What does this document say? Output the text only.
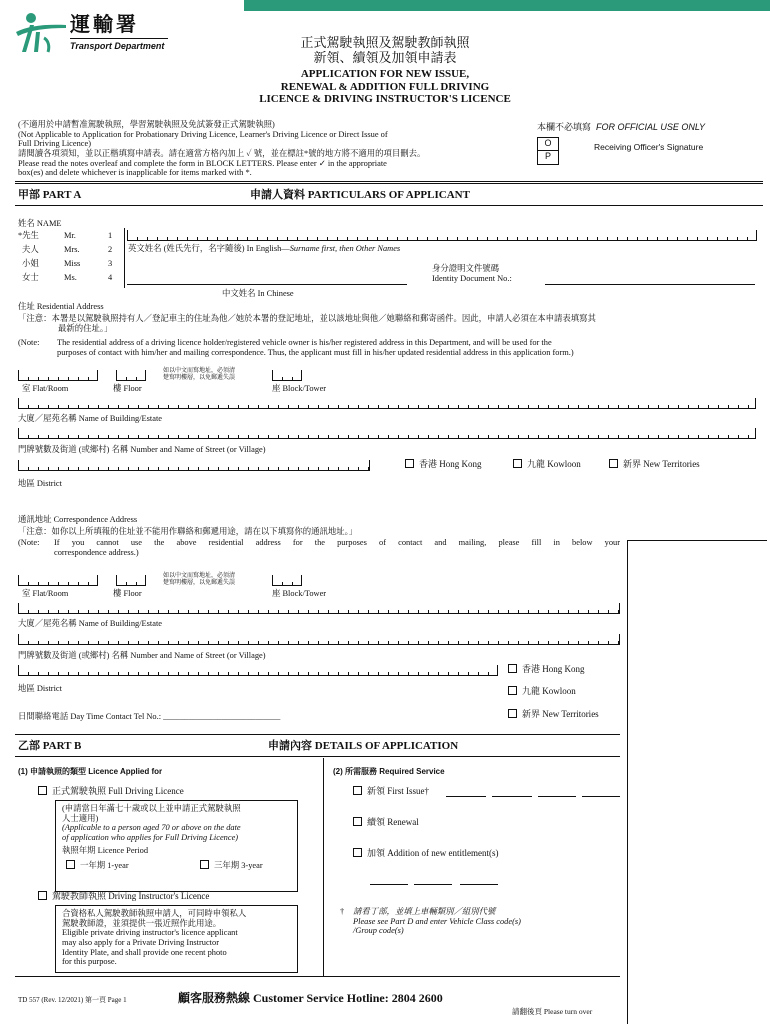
運輸署
Transport Department	正式駕駛執照及駕駛教師執照
新領、續領及加領申請表
APPLICATION FOR NEW ISSUE,
RENEWAL & ADDITION FULL DRIVING
LICENCE & DRIVING INSTRUCTOR'S LICENCE
(不適用於申請暫准駕駛執照，學習駕駛執照及免試簽發正式駕駛執照)
(Not Applicable to Application for Probationary Driving Licence, Learner's Driving Licence or Direct Issue of
Full Driving Licence)
請閱讀各項須知，並以正楷填寫申請表。請在適當方格內加上 ✓ 號，並在標註*號的地方將不適用的項目刪去。
Please read the notes overleaf and complete the form in BLOCK LETTERS. Please enter ✓ in the appropriate
box(es) and delete whichever is inapplicable for items marked with *.
本欄不必填寫 FOR OFFICIAL USE ONLY
O
P
Receiving Officer's Signature
甲部 PART A	申請人資料 PARTICULARS OF APPLICANT
姓名 NAME
*先生	Mr.	1
夫人	Mrs.	2
小姐	Miss	3
女士	Ms.	4
英文姓名 (姓氏先行，名字隨後) In English—Surname first, then Other Names
身分證明文件號碼
Identity Document No.:
中文姓名 In Chinese
住址 Residential Address
「注意：本署是以駕駛執照持有人／登記車主的住址為他／她於本署的登記地址，並以該地址與他／她聯絡和郵寄函件。因此，申請人必須在本申請表填寫其
最新的住址。」
(Note:	The residential address of a driving licence holder/registered vehicle owner is his/her registered address in this Department, and will be used for the
purposes of contact with him/her and mailing correspondence. Thus, the applicant must fill in his/her updated residential address in this application form.)
如以中文而寫地址，必須清
楚寫明樓層，以免郵遞失誤
室 Flat/Room	樓 Floor	座 Block/Tower
大廈／屋苑名稱 Name of Building/Estate
門牌號數及街道 (或鄉村) 名稱 Number and Name of Street (or Village)
香港 Hong Kong	九龍 Kowloon	新界 New Territories
地區 District
通訊地址 Correspondence Address
「注意：如你以上所填報的住址並不能用作聯絡和郵遞用途，請在以下填寫你的通訊地址。」
(Note:	If you cannot use the above residential address for the purposes of contact and mailing, please fill in below your
correspondence address.)
如以中文而寫地址，必須清
楚寫明樓層，以免郵遞失誤
室 Flat/Room	樓 Floor	座 Block/Tower
大廈／屋苑名稱 Name of Building/Estate
門牌號數及街道 (或鄉村) 名稱 Number and Name of Street (or Village)
香港 Hong Kong
地區 District	九龍 Kowloon
日間聯絡電話 Day Time Contact Tel No.: ____________________________	新界 New Territories
乙部 PART B	申請內容 DETAILS OF APPLICATION
(1) 申請執照的類型 Licence Applied for
正式駕駛執照 Full Driving Licence
(申請當日年滿七十歲或以上並申請正式駕駛執照
人士適用)
(Applicable to a person aged 70 or above on the date
of application who applies for Full Driving Licence)
執照年期 Licence Period
一年期 1-year	三年期 3-year
駕駛教師執照 Driving Instructor's Licence
合資格私人駕駛教師執照申請人，可同時申領私人
駕駛教師證，並須提供一張近照作此用途。
Eligible private driving instructor's licence applicant
may also apply for a Private Driving Instructor
Identity Plate, and shall provide one recent photo
for this purpose.
(2) 所需服務 Required Service
新領 First Issue†
續領 Renewal
加領 Addition of new entitlement(s)
† 請看丁部，並填上車輛類別／組別代號
Please see Part D and enter Vehicle Class code(s)
/Group code(s)
TD 557 (Rev. 12/2021) 第一頁 Page 1	顧客服務熱線 Customer Service Hotline: 2804 2600
請翻後頁 Please turn over
